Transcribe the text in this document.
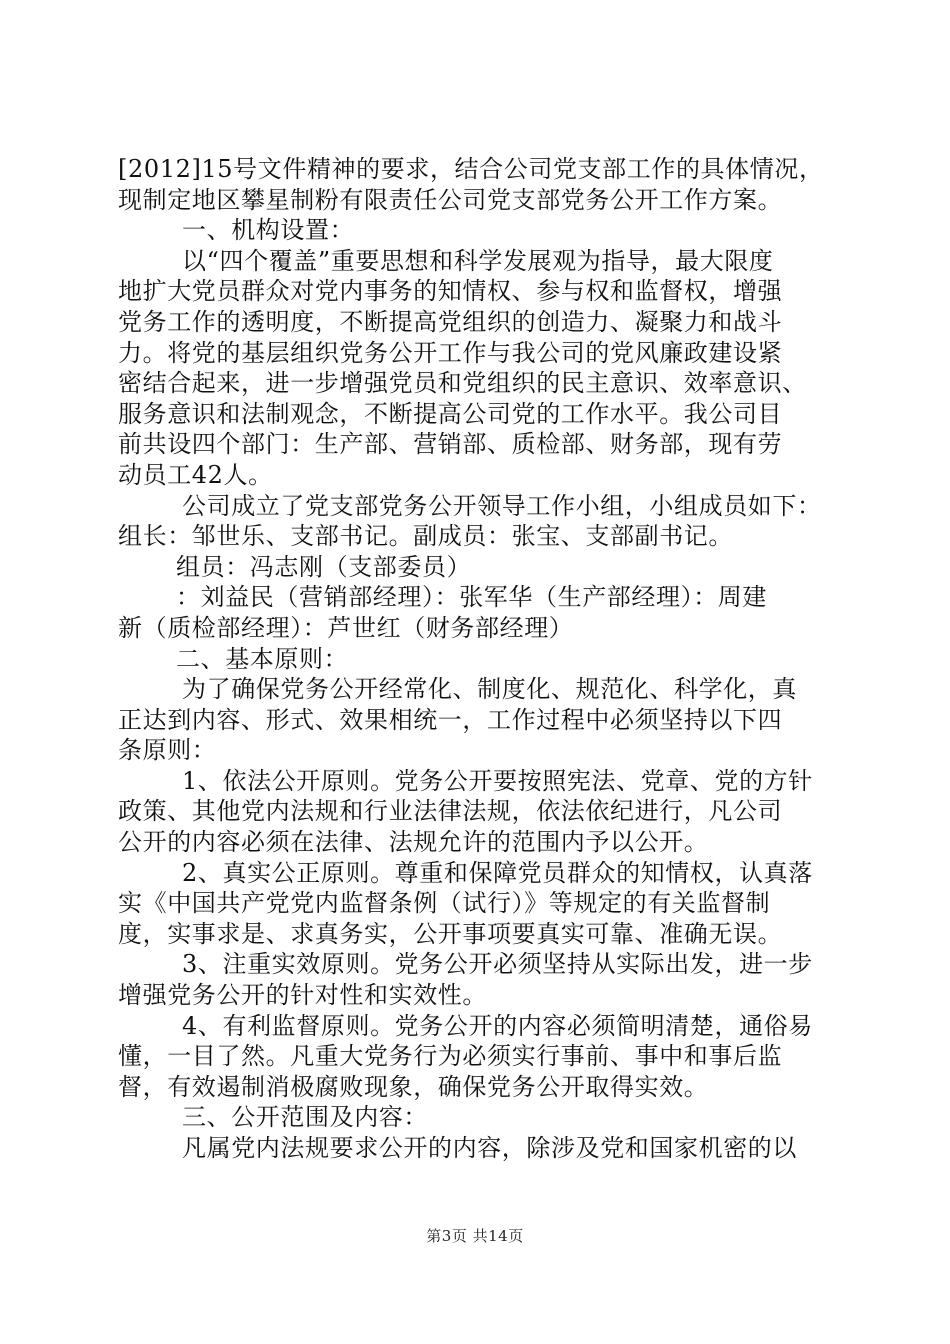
[2012]15号文件精神的要求，结合公司党支部工作的具体情况，
现制定地区攀星制粉有限责任公司党支部党务公开工作方案。
一、机构设置：
以“四个覆盖”重要思想和科学发展观为指导，最大限度
地扩大党员群众对党内事务的知情权、参与权和监督权，增强
党务工作的透明度，不断提高党组织的创造力、凝聚力和战斗
力。将党的基层组织党务公开工作与我公司的党风廉政建设紧
密结合起来，进一步增强党员和党组织的民主意识、效率意识、
服务意识和法制观念，不断提高公司党的工作水平。我公司目
前共设四个部门：生产部、营销部、质检部、财务部，现有劳
动员工42人。
公司成立了党支部党务公开领导工作小组，小组成员如下：
组长：邹世乐、支部书记。副成员：张宝、支部副书记。
组员：冯志刚（支部委员）
：刘益民（营销部经理）：张军华（生产部经理）：周建
新（质检部经理）：芦世红（财务部经理）
二、基本原则：
为了确保党务公开经常化、制度化、规范化、科学化，真
正达到内容、形式、效果相统一，工作过程中必须坚持以下四
条原则：
1、依法公开原则。党务公开要按照宪法、党章、党的方针
政策、其他党内法规和行业法律法规，依法依纪进行，凡公司
公开的内容必须在法律、法规允许的范围内予以公开。
2、真实公正原则。尊重和保障党员群众的知情权，认真落
实《中国共产党党内监督条例（试行）》等规定的有关监督制
度，实事求是、求真务实，公开事项要真实可靠、准确无误。
3、注重实效原则。党务公开必须坚持从实际出发，进一步
增强党务公开的针对性和实效性。
4、有利监督原则。党务公开的内容必须简明清楚，通俗易
懂，一目了然。凡重大党务行为必须实行事前、事中和事后监
督，有效遏制消极腐败现象，确保党务公开取得实效。
三、公开范围及内容：
凡属党内法规要求公开的内容，除涉及党和国家机密的以
第3页 共14页
